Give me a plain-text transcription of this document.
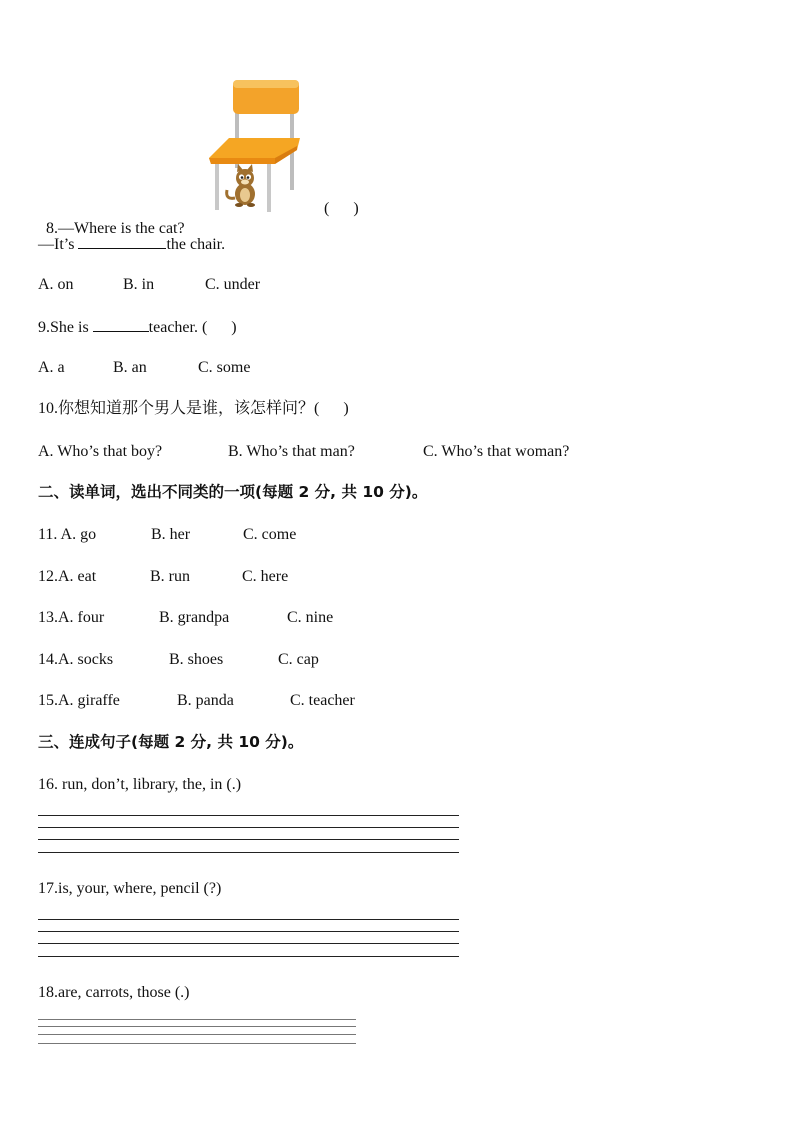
8.—Where is the cat?

(      )
—It’s	the chair.
A. on	B. in	C. under
9.She is	teacher. (      )
A. a	B. an	C. some
10.你想知道那个男人是谁，该怎样问？(      )
A. Who’s that boy?	B. Who’s that man?	C. Who’s that woman?
二、读单词，选出不同类的一项(每题 2 分, 共 10 分)。
11. A. go	B. her	C. come
12.A. eat	B. run	C. here
13.A. four	B. grandpa	C. nine
14.A. socks	B. shoes	C. cap
15.A. giraffe	B. panda	C. teacher
三、连成句子(每题 2 分, 共 10 分)。
16. run, don’t, library, the, in (.)
17.is, your, where, pencil (?)
18.are, carrots, those (.)
